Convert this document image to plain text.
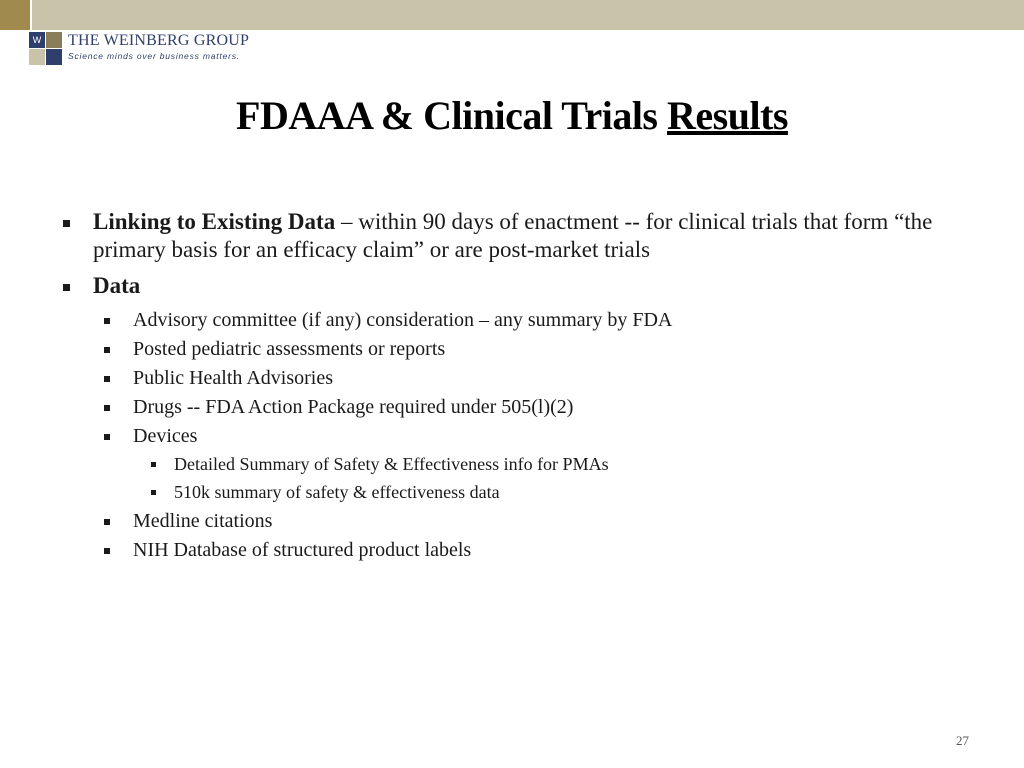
W THE WEINBERG GROUP
Science minds over business matters.
FDAAA & Clinical Trials Results
Linking to Existing Data – within 90 days of enactment -- for clinical trials that form “the primary basis for an efficacy claim” or are post-market trials
Data
Advisory committee (if any) consideration – any summary by FDA
Posted pediatric assessments or reports
Public Health Advisories
Drugs -- FDA Action Package required under 505(l)(2)
Devices
Detailed Summary of Safety & Effectiveness info for PMAs
510k summary of safety & effectiveness data
Medline citations
NIH Database of structured product labels
27
